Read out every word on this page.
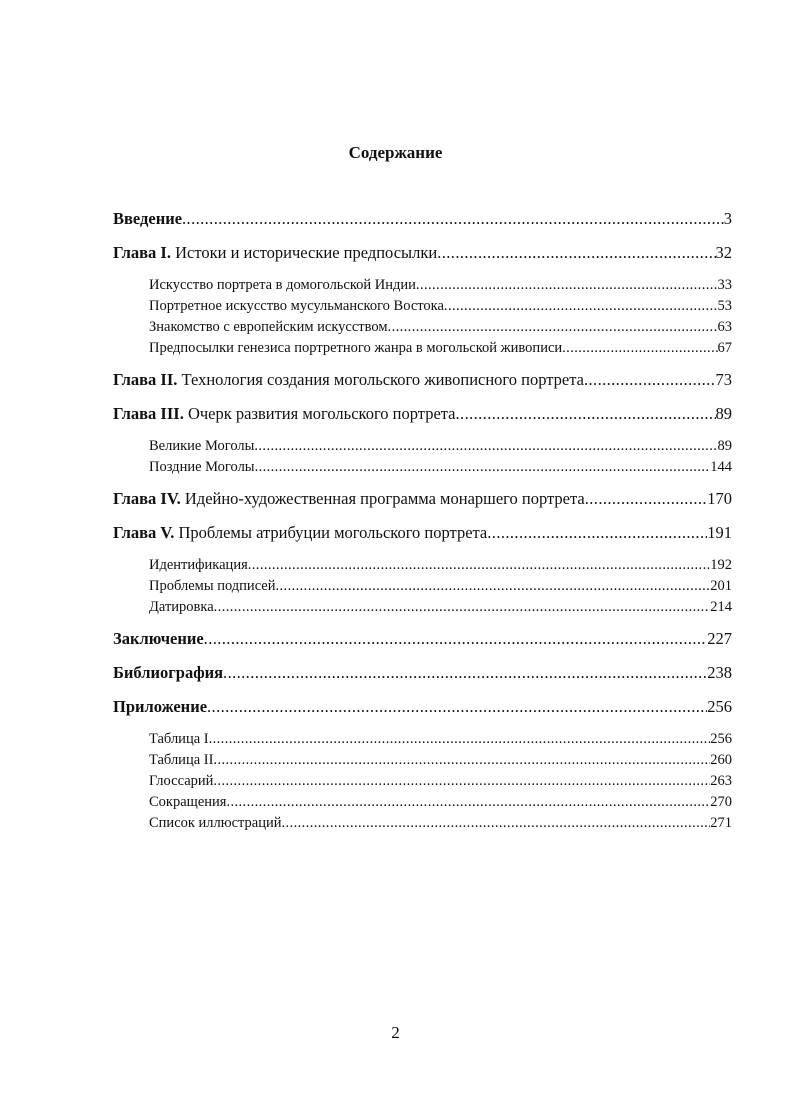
Содержание
Введение .....	3
Глава I.
Истоки и исторические предпосылки .....	32
Искусство портрета в домогольской Индии .....	33
Портретное искусство мусульманского Востока .....	53
Знакомство с европейским искусством .....	63
Предпосылки генезиса портретного жанра в могольской живописи .....	67
Глава II.
Технология создания могольского живописного портрета .....	73
Глава III.
Очерк развития могольского портрета .....	89
Великие Моголы .....	89
Поздние Моголы .....	144
Глава IV.
Идейно-художественная программа монаршего портрета .....	170
Глава V.
Проблемы атрибуции могольского портрета .....	191
Идентификация .....	192
Проблемы подписей .....	201
Датировка .....	214
Заключение .....	227
Библиография .....	238
Приложение .....	256
Таблица I .....	256
Таблица II .....	260
Глоссарий .....	263
Сокращения .....	270
Список иллюстраций .....	271
2
